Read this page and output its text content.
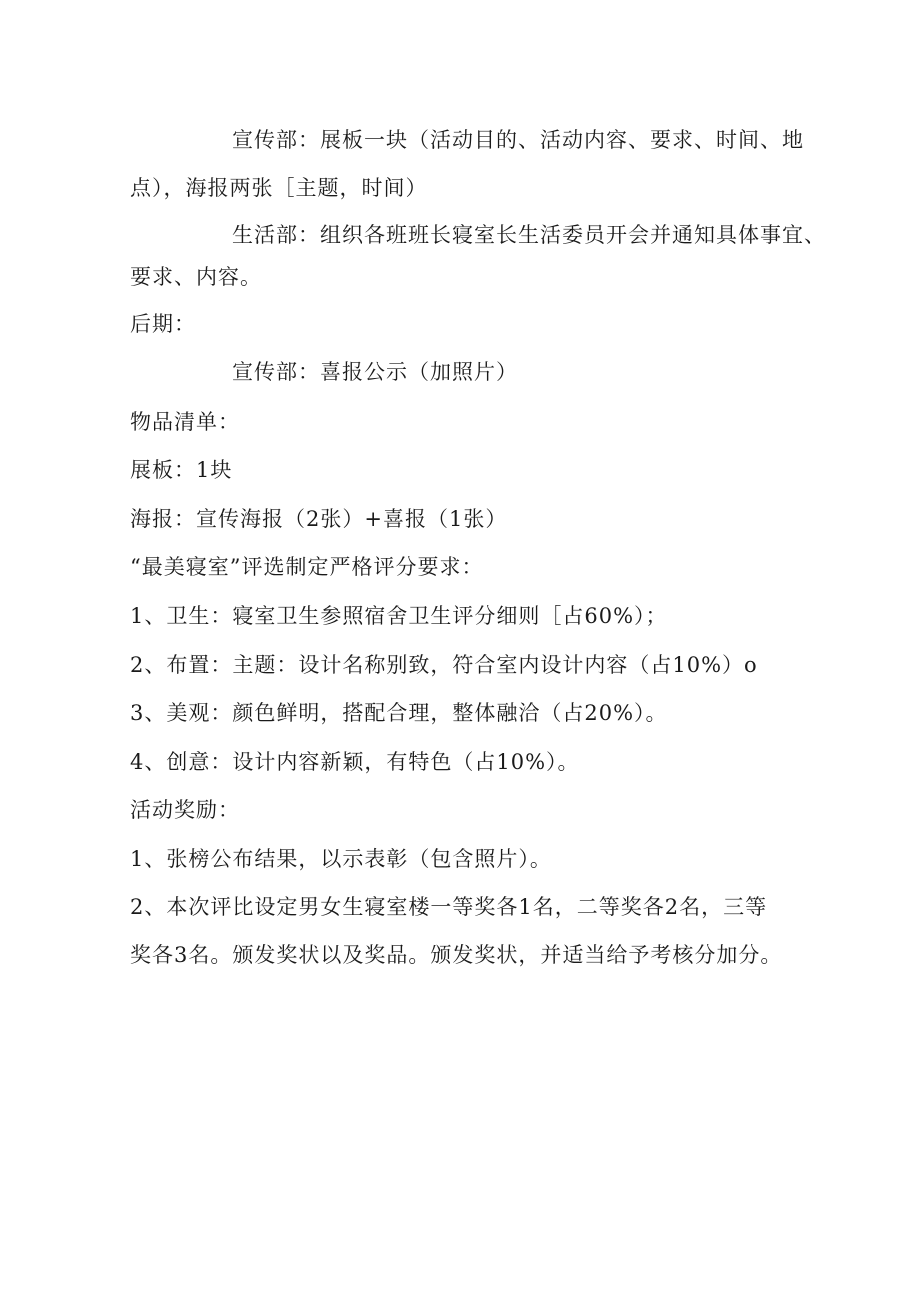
宣传部：展板一块（活动目的、活动内容、要求、时间、地
点），海报两张［主题，时间）
生活部：组织各班班长寝室长生活委员开会并通知具体事宜、
要求、内容。
后期：
宣传部：喜报公示（加照片）
物品清单：
展板：1块
海报：宣传海报（2张）+喜报（1张）
“最美寝室”评选制定严格评分要求：
1、卫生：寝室卫生参照宿舍卫生评分细则［占60%）；
2、布置：主题：设计名称别致，符合室内设计内容（占10%）o
3、美观：颜色鲜明，搭配合理，整体融洽（占20%）。
4、创意：设计内容新颖，有特色（占10%）。
活动奖励：
1、张榜公布结果，以示表彰（包含照片）。
2、本次评比设定男女生寝室楼一等奖各1名，二等奖各2名，三等
奖各3名。颁发奖状以及奖品。颁发奖状，并适当给予考核分加分。
